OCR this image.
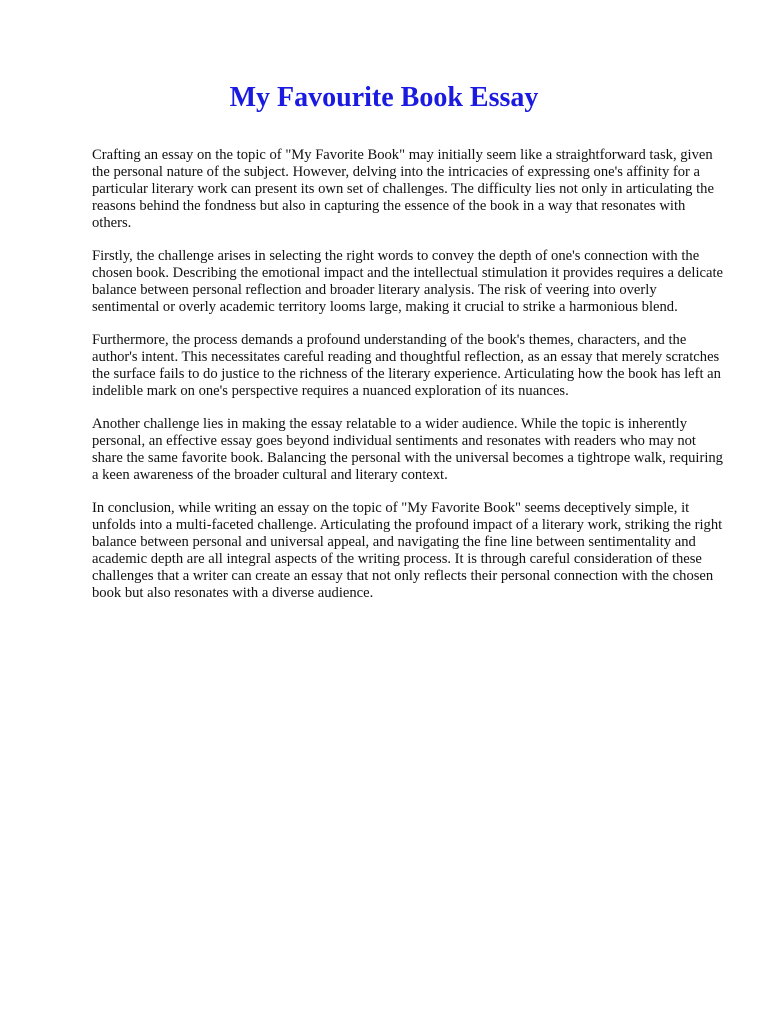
My Favourite Book Essay

Crafting an essay on the topic of "My Favorite Book" may initially seem like a straightforward task, given the personal nature of the subject. However, delving into the intricacies of expressing one's affinity for a particular literary work can present its own set of challenges. The difficulty lies not only in articulating the reasons behind the fondness but also in capturing the essence of the book in a way that resonates with others.

Firstly, the challenge arises in selecting the right words to convey the depth of one's connection with the chosen book. Describing the emotional impact and the intellectual stimulation it provides requires a delicate balance between personal reflection and broader literary analysis. The risk of veering into overly sentimental or overly academic territory looms large, making it crucial to strike a harmonious blend.

Furthermore, the process demands a profound understanding of the book's themes, characters, and the author's intent. This necessitates careful reading and thoughtful reflection, as an essay that merely scratches the surface fails to do justice to the richness of the literary experience. Articulating how the book has left an indelible mark on one's perspective requires a nuanced exploration of its nuances.

Another challenge lies in making the essay relatable to a wider audience. While the topic is inherently personal, an effective essay goes beyond individual sentiments and resonates with readers who may not share the same favorite book. Balancing the personal with the universal becomes a tightrope walk, requiring a keen awareness of the broader cultural and literary context.

In conclusion, while writing an essay on the topic of "My Favorite Book" seems deceptively simple, it unfolds into a multi-faceted challenge. Articulating the profound impact of a literary work, striking the right balance between personal and universal appeal, and navigating the fine line between sentimentality and academic depth are all integral aspects of the writing process. It is through careful consideration of these challenges that a writer can create an essay that not only reflects their personal connection with the chosen book but also resonates with a diverse audience.
